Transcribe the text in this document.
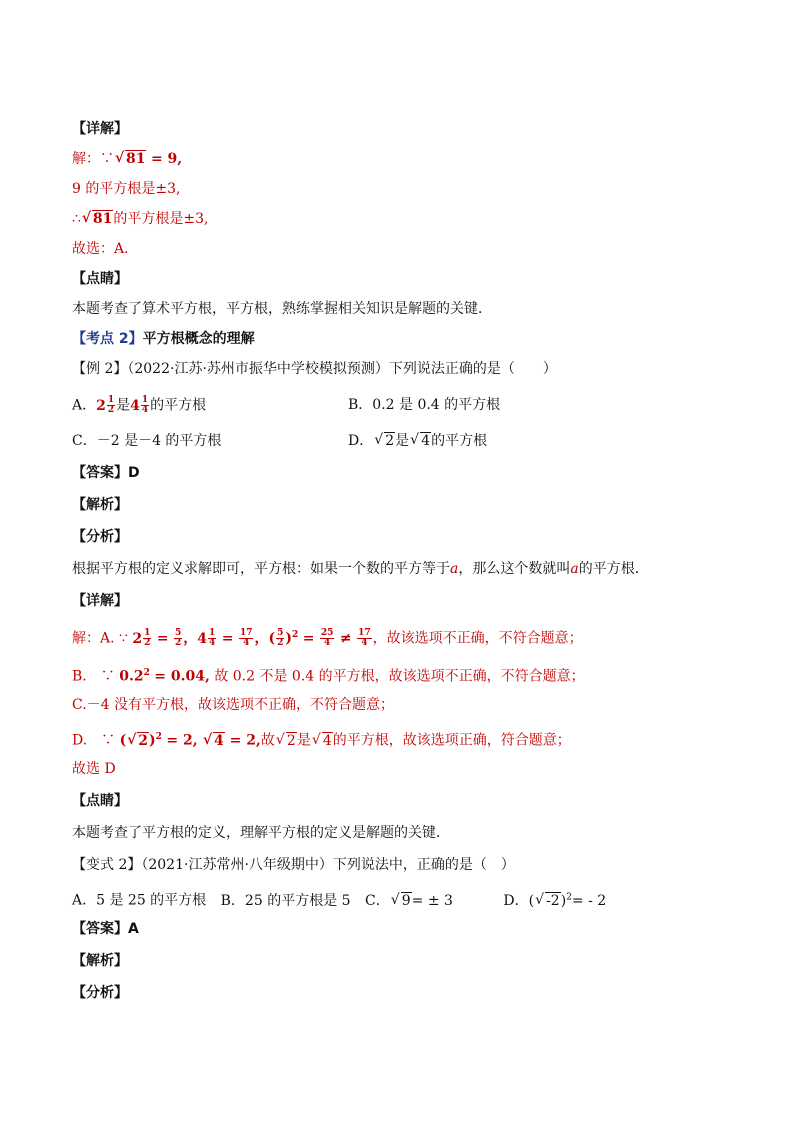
【详解】
解：∵ √ 81 = 9,
9 的平方根是±3,
∴ √ 81的平方根是±3,
故选：A．
【点睛】
本题考查了算术平方根，平方根，熟练掌握相关知识是解题的关键．
【考点 2】平方根概念的理解
【例 2】（2022·江苏·苏州市振华中学校模拟预测）下列说法正确的是（　　）
A． $2 \frac{1}{2}$ 是 $4 \frac{1}{4}$ 的平方根	B．0.2 是 0.4 的平方根
C．－2 是－4 的平方根	D． √ 2是 √ 4的平方根
【答案】D
【解析】
【分析】
根据平方根的定义求解即可，平方根：如果一个数的平方等于a，那么这个数就叫a的平方根．
【详解】
解：A. ∵ $2 \frac{1}{2} = \frac{5}{2}$ ， $4 \frac{1}{4} = \frac{17}{4}$ ，( $\frac{5}{2} )^2 = \frac{25}{4} \ne \frac{17}{4}$ ，故该选项不正确，不符合题意；
B.　∵ $0.2^2 = 0.04$, 故 0.2 不是 0.4 的平方根，故该选项不正确，不符合题意；
C.－4 没有平方根，故该选项不正确，不符合题意；
D.　∵ ( √ 2)$^2$ = 2, √ 4 = 2,故 √ 2是 √ 4的平方根，故该选项正确，符合题意；
故选 D
【点睛】
本题考查了平方根的定义，理解平方根的定义是解题的关键．
【变式 2】（2021·江苏常州·八年级期中）下列说法中，正确的是（　）
A．5 是 25 的平方根 B．25 的平方根是 5 C． √ 9= ± 3	D．( √ -2)$^2$= - 2
【答案】A
【解析】
【分析】
